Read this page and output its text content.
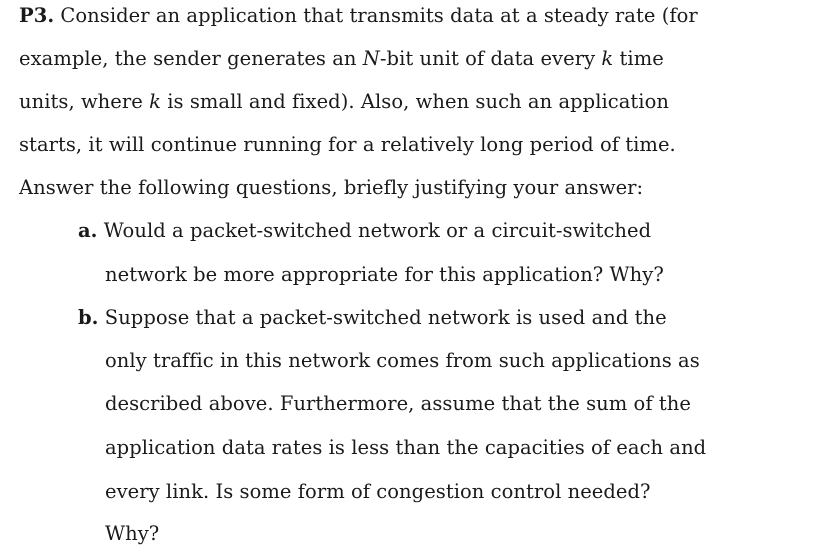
P3. Consider an application that transmits data at a steady rate (for
example, the sender generates an N-bit unit of data every k time
units, where k is small and fixed). Also, when such an application
starts, it will continue running for a relatively long period of time.
Answer the following questions, briefly justifying your answer:
a. Would a packet-switched network or a circuit-switched
network be more appropriate for this application? Why?
b. Suppose that a packet-switched network is used and the
only traffic in this network comes from such applications as
described above. Furthermore, assume that the sum of the
application data rates is less than the capacities of each and
every link. Is some form of congestion control needed?
Why?
